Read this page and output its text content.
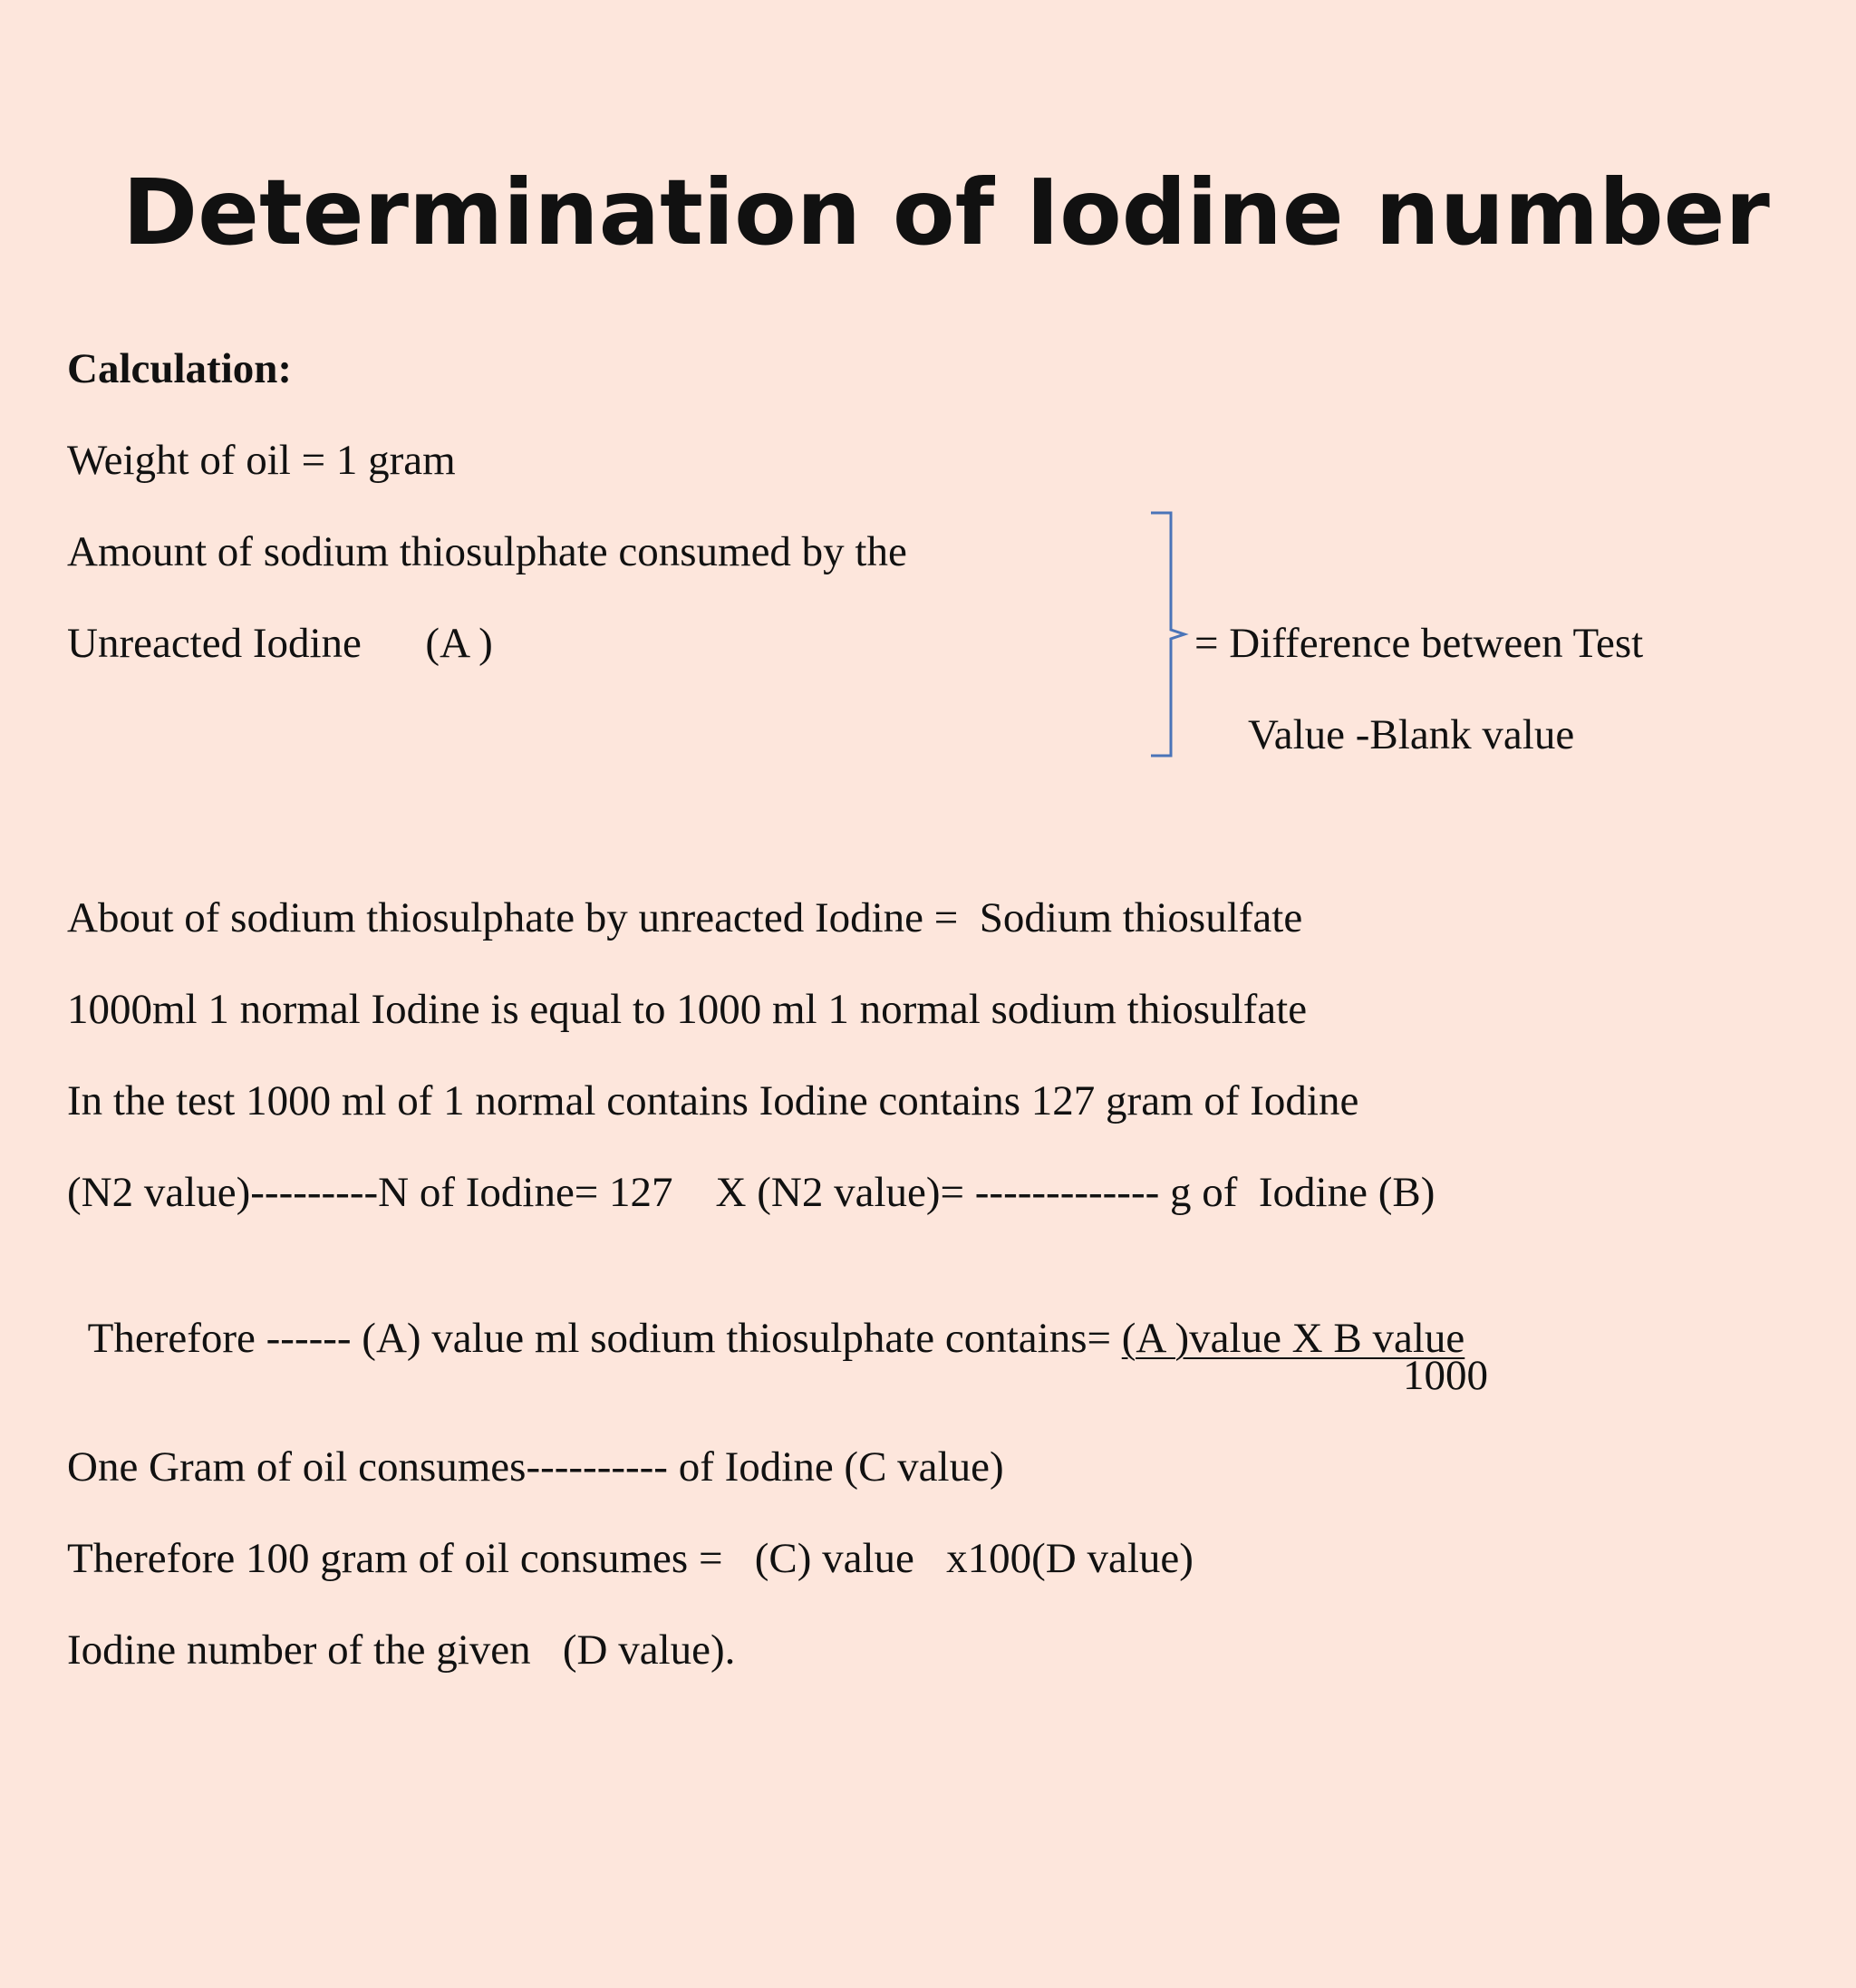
Determination of Iodine number
Calculation:
Weight of oil = 1 gram
Amount of sodium thiosulphate consumed by the
Unreacted Iodine      (A )	= Difference between Test
Value -Blank value
About of sodium thiosulphate by unreacted Iodine =  Sodium thiosulfate
1000ml 1 normal Iodine is equal to 1000 ml 1 normal sodium thiosulfate
In the test 1000 ml of 1 normal contains Iodine contains 127 gram of Iodine
(N2 value)---------N of Iodine= 127    X (N2 value)= ------------- g of  Iodine (B)

Therefore ------ (A) value ml sodium thiosulphate contains= (A )value X B value

1000
One Gram of oil consumes---------- of Iodine (C value)
Therefore 100 gram of oil consumes =   (C) value   x100(D value)
Iodine number of the given   (D value).
